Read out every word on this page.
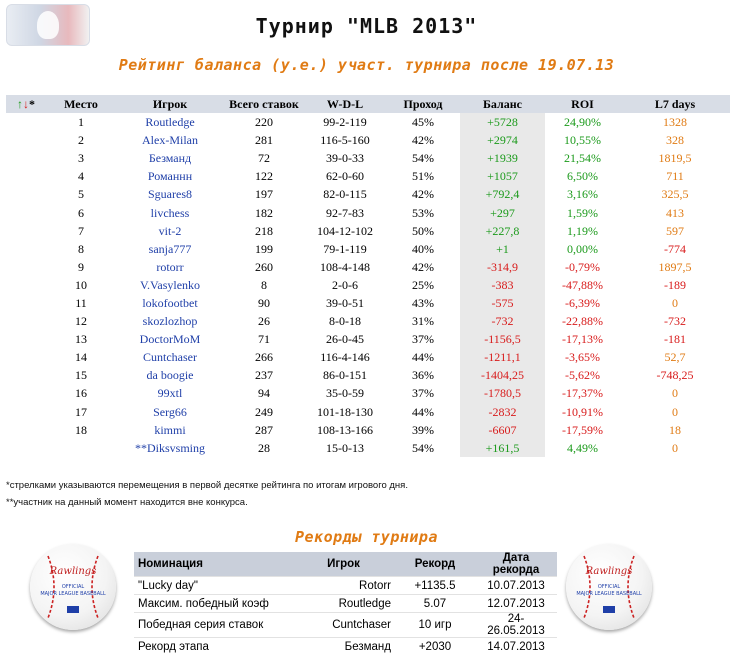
Турнир "MLB 2013"
Рейтинг баланса (у.е.) участ. турнира после 19.07.13
↑↓*	Место	Игрок	Всего ставок	W-D-L	Проход	Баланс	ROI	L7 days
	1	Routledge	220	99-2-119	45%	+5728	24,90%	1328
	2	Alex-Milan	281	116-5-160	42%	+2974	10,55%	328
	3	Безманд	72	39-0-33	54%	+1939	21,54%	1819,5
	4	Романнн	122	62-0-60	51%	+1057	6,50%	711
	5	Sguares8	197	82-0-115	42%	+792,4	3,16%	325,5
	6	livchess	182	92-7-83	53%	+297	1,59%	413
	7	vit-2	218	104-12-102	50%	+227,8	1,19%	597
	8	sanja777	199	79-1-119	40%	+1	0,00%	-774
	9	rotorr	260	108-4-148	42%	-314,9	-0,79%	1897,5
	10	V.Vasylenko	8	2-0-6	25%	-383	-47,88%	-189
	11	lokofootbet	90	39-0-51	43%	-575	-6,39%	0
	12	skozlozhop	26	8-0-18	31%	-732	-22,88%	-732
	13	DoctorMoM	71	26-0-45	37%	-1156,5	-17,13%	-181
	14	Cuntchaser	266	116-4-146	44%	-1211,1	-3,65%	52,7
	15	da boogie	237	86-0-151	36%	-1404,25	-5,62%	-748,25
	16	99xtl	94	35-0-59	37%	-1780,5	-17,37%	0
	17	Serg66	249	101-18-130	44%	-2832	-10,91%	0
	18	kimmi	287	108-13-166	39%	-6607	-17,59%	18
		**Diksvsming	28	15-0-13	54%	+161,5	4,49%	0
*стрелками указываются перемещения в первой десятке рейтинга по итогам игрового дня.
**участник на данный момент находится вне конкурса.
Рекорды турнира
Rawlings
OFFICIAL
MAJOR LEAGUE BASEBALL
Rawlings
OFFICIAL
MAJOR LEAGUE BASEBALL
Номинация	Игрок	Рекорд	Дата рекорда
"Lucky day"	Rotorr	+1135.5	10.07.2013
Максим. победный коэф	Routledge	5.07	12.07.2013
Победная серия ставок	Cuntchaser	10 игр	24-26.05.2013
Рекорд этапа	Безманд	+2030	14.07.2013
